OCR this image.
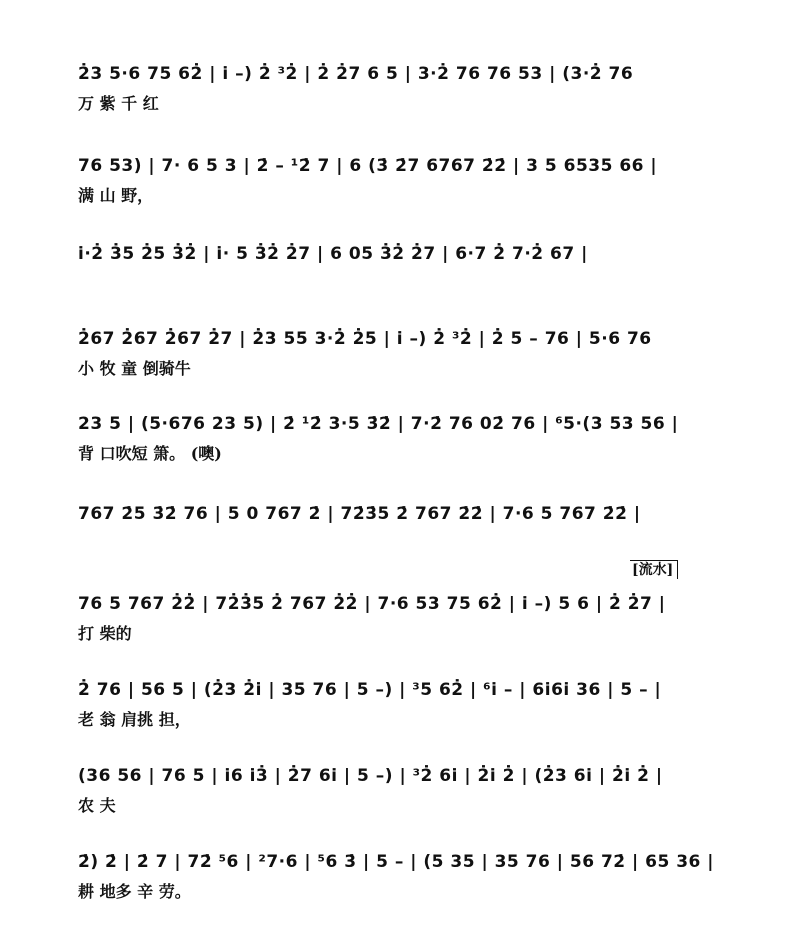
2̇3 5·6 75 62̇ | i̇ –) 2̇ ³2̇ | 2̇ 2̇7 6 5 | 3·2̇ 76 76 53 | (3·2̇ 76
万 紫 千 红
76 53) | 7· 6 5 3 | 2̇ – ¹2̇ 7 | 6 (3̇ 2̇7 6767 2̇2̇ | 3 5 6535 66 |
满 山 野，
i̇·2̇ 3̇5 2̇5 3̇2̇ | i̇· 5 3̇2̇ 2̇7 | 6 05 3̇2̇ 2̇7 | 6·7 2̇ 7·2̇ 67 |
2̇67 2̇67 2̇67 2̇7 | 2̇3 55 3·2̇ 2̇5 | i̇ –) 2̇ ³2̇ | 2̇ 5 – 76 | 5·6 76
小 牧 童 倒骑牛
23 5 | (5·676 23 5) | 2̇ ¹2̇ 3·5 3̇2̇ | 7·2̇ 76 02̇ 76 | ⁶5·(3 53 56 |
背 口吹短 箫。 (噢)
767 2̇5 3̇2̇ 76 | 5 0 767 2̇ | 72̇3̇5 2̇ 767 2̇2̇ | 7·6 5 767 2̇2̇ |
[流水]
76 5 767 2̇2̇ | 72̇3̇5 2̇ 767 2̇2̇ | 7·6 53 75 62̇ | i̇ –) 5 6 | 2̇ 2̇7 |
打 柴的
2̇ 76 | 56 5 | (2̇3 2̇i̇ | 35 76 | 5 –) | ³5 62̇ | ⁶i̇ – | 6i̇6i̇ 36 | 5 – |
老 翁 肩挑 担，
(36 56 | 76 5 | i̇6 i̇3̇ | 2̇7 6i̇ | 5 –) | ³2̇ 6i̇ | 2̇i̇ 2̇ | (2̇3 6i̇ | 2̇i̇ 2̇ |
农 夫
2̇) 2̇ | 2̇ 7 | 72̇ ⁵6 | ²7·6 | ⁵6 3̇ | 5 – | (5 35 | 35 76 | 56 72̇ | 65 36 |
耕 地多 辛 劳。
